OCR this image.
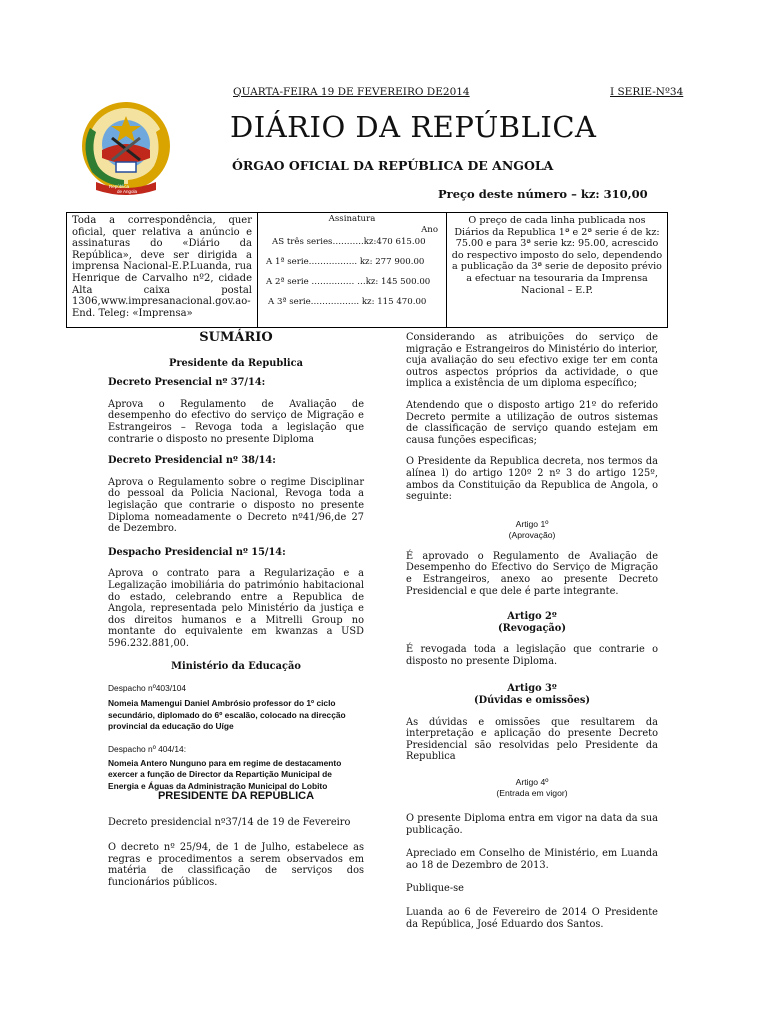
QUARTA-FEIRA 19 DE FEVEREIRO DE2014	I SERIE-Nº34
República
de Angola
DIÁRIO DA REPÚBLICA
ÓRGAO OFICIAL DA REPÚBLICA DE ANGOLA
Preço deste número – kz: 310,00
Toda a correspondência, quer oficial, quer relativa a anúncio e assinaturas do «Diário da República», deve ser dirigida a imprensa Nacional-E.P.Luanda, rua Henrique de Carvalho nº2, cidade Alta caixa postal 1306,www.impresanacional.gov.ao- End. Teleg: «Imprensa»
Assinatura
Ano
AS três series………..kz:470 615.00
A 1ª serie…………….. kz: 277 900.00
A 2ª serie …………… …kz: 145 500.00
A 3ª serie…………….. kz: 115 470.00
O preço de cada linha publicada nos Diários da Republica 1ª e 2ª serie é de kz: 75.00 e para 3ª serie kz: 95.00, acrescido do respectivo imposto do selo, dependendo a publicação da 3ª serie de deposito prévio a efectuar na tesouraria da Imprensa Nacional – E.P.
SUMÁRIO
Presidente da Republica
Decreto Presencial nº 37/14:
Aprova o Regulamento de Avaliação de desempenho do efectivo do serviço de Migração e Estrangeiros – Revoga toda a legislação que contrarie o disposto no presente Diploma
Decreto Presidencial nº 38/14:
Aprova o Regulamento sobre o regime Disciplinar do pessoal da Policia Nacional, Revoga toda a legislação que contrarie o disposto no presente Diploma nomeadamente o Decreto nº41/96,de 27 de Dezembro.
Despacho Presidencial nº 15/14:
Aprova o contrato para a Regularização e a Legalização imobiliária do património habitacional do estado, celebrando entre a Republica de Angola, representada pelo Ministério da justiça e dos direitos humanos e a Mitrelli Group no montante do equivalente em kwanzas a USD 596.232.881,00.
Ministério da Educação
Despacho nº403/104
Nomeia Mamengui Daniel Ambrósio professor do 1º ciclo secundário, diplomado do 6º escalão, colocado na direcção provincial da educação do Uíge
Despacho nº 404/14:
Nomeia Antero Nunguno para em regime de destacamento exercer a função de Director da Repartição Municipal de Energia e Águas da Administração Municipal do Lobito
PRESIDENTE DA REPUBLICA
Decreto presidencial nº37/14 de 19 de Fevereiro
O decreto nº 25/94, de 1 de Julho, estabelece as regras e procedimentos a serem observados em matéria de classificação de serviços dos funcionários públicos.
Considerando as atribuições do serviço de migração e Estrangeiros do Ministério do interior, cuja avaliação do seu efectivo exige ter em conta outros aspectos próprios da actividade, o que implica a existência de um diploma específico;
Atendendo que o disposto artigo 21º do referido Decreto permite a utilização de outros sistemas de classificação de serviço quando estejam em causa funções especificas;
O Presidente da Republica decreta, nos termos da alínea l) do artigo 120º 2 nº 3 do artigo 125º, ambos da Constituição da Republica de Angola, o seguinte:
Artigo 1º
(Aprovação)
É aprovado o Regulamento de Avaliação de Desempenho do Efectivo do Serviço de Migração e Estrangeiros, anexo ao presente Decreto Presidencial e que dele é parte integrante.
Artigo 2º
(Revogação)
É revogada toda a legislação que contrarie o disposto no presente Diploma.
Artigo 3º
(Dúvidas e omissões)
As dúvidas e omissões que resultarem da interpretação e aplicação do presente Decreto Presidencial são resolvidas pelo Presidente da Republica
Artigo 4º
(Entrada em vigor)
O presente Diploma entra em vigor na data da sua publicação.
Apreciado em Conselho de Ministério, em Luanda ao 18 de Dezembro de 2013.
Publique-se
Luanda ao 6 de Fevereiro de 2014 O Presidente da República, José Eduardo dos Santos.
